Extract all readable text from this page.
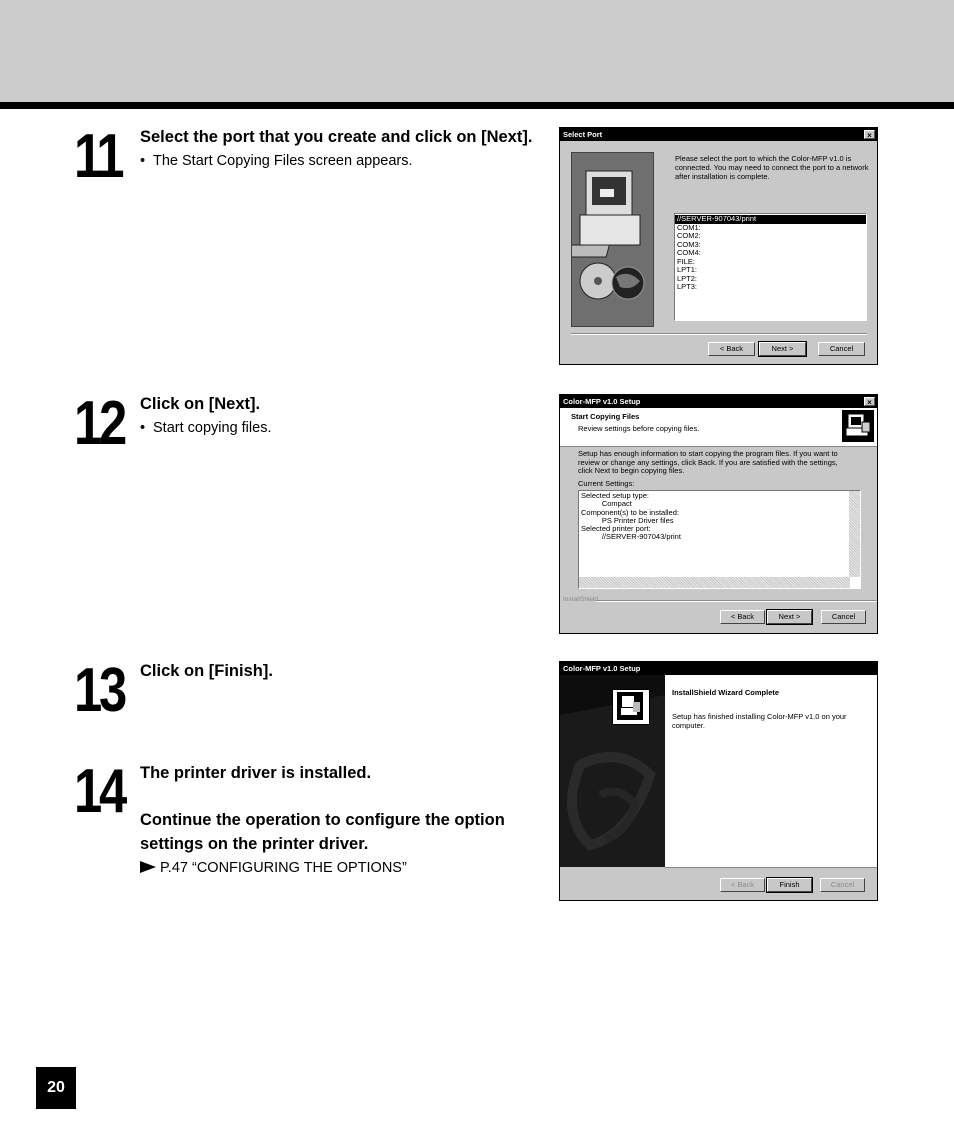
11 Select the port that you create and click on [Next].

• The Start Copying Files screen appears.

12 Click on [Next].

• Start copying files.

13 Click on [Finish].

14 The printer driver is installed.

Continue the operation to configure the option settings on the printer driver.

P.47 “CONFIGURING THE OPTIONS”

Select Port	×
Please select the port to which the Color-MFP v1.0 is connected. You may need to connect the port to a network after installation is complete.
//SERVER-907043/print
COM1:
COM2:
COM3:
COM4:
FILE:
LPT1:
LPT2:
LPT3:
< Back	Next >	Cancel
Color-MFP v1.0 Setup	×
Start Copying Files
Review settings before copying files.
Setup has enough information to start copying the program files. If you want to review or change any settings, click Back. If you are satisfied with the settings, click Next to begin copying files.
Current Settings:
Selected setup type:
Compact
Component(s) to be installed:
PS Printer Driver files
Selected printer port:
//SERVER-907043/print
InstallShield
< Back	Next >	Cancel
Color-MFP v1.0 Setup
InstallShield Wizard Complete
Setup has finished installing Color-MFP v1.0 on your computer.
< Back	Finish	Cancel
20
